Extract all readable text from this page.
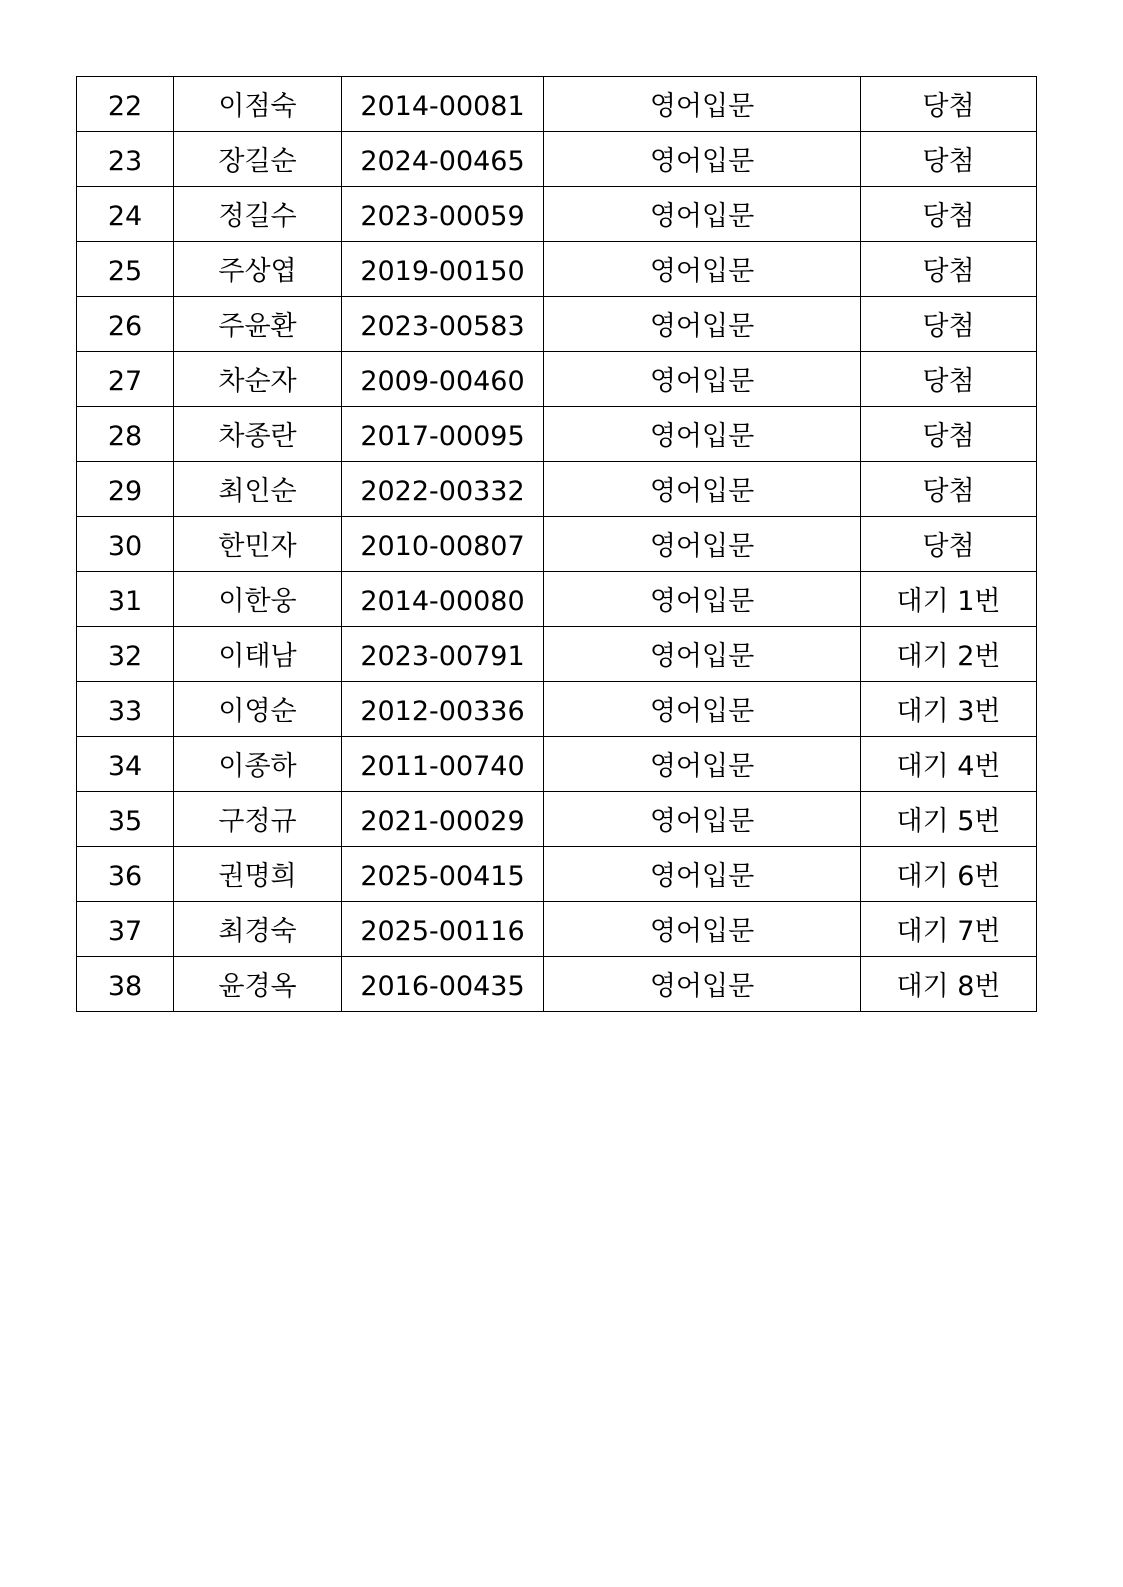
22	이점숙	2014-00081	영어입문	당첨
23	장길순	2024-00465	영어입문	당첨
24	정길수	2023-00059	영어입문	당첨
25	주상엽	2019-00150	영어입문	당첨
26	주윤환	2023-00583	영어입문	당첨
27	차순자	2009-00460	영어입문	당첨
28	차종란	2017-00095	영어입문	당첨
29	최인순	2022-00332	영어입문	당첨
30	한민자	2010-00807	영어입문	당첨
31	이한웅	2014-00080	영어입문	대기 1번
32	이태남	2023-00791	영어입문	대기 2번
33	이영순	2012-00336	영어입문	대기 3번
34	이종하	2011-00740	영어입문	대기 4번
35	구정규	2021-00029	영어입문	대기 5번
36	권명희	2025-00415	영어입문	대기 6번
37	최경숙	2025-00116	영어입문	대기 7번
38	윤경옥	2016-00435	영어입문	대기 8번
